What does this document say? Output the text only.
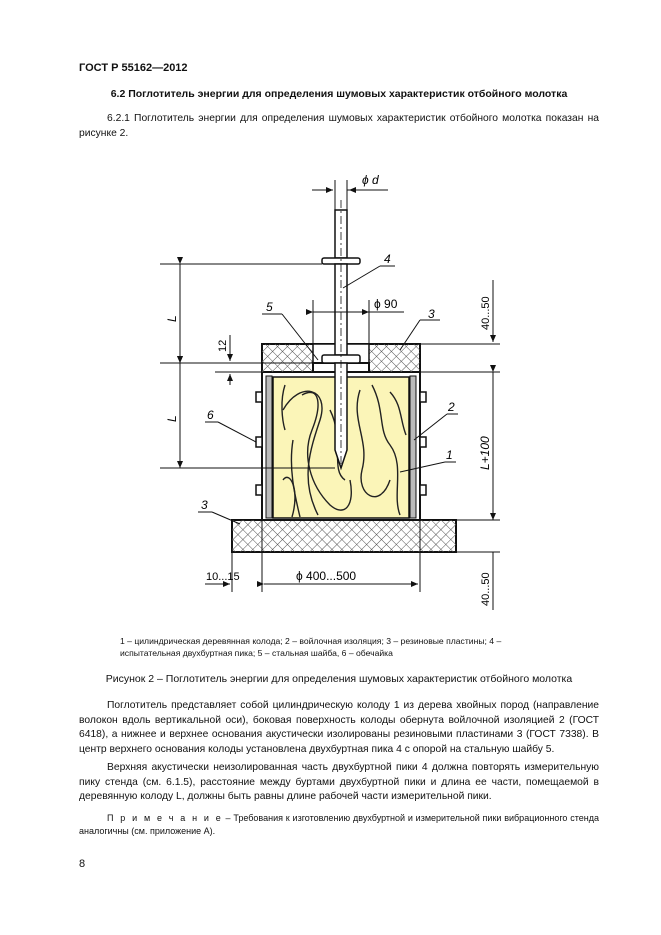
ГОСТ Р 55162—2012
6.2 Поглотитель энергии для определения шумовых характеристик отбойного молотка
6.2.1 Поглотитель энергии для определения шумовых характеристик отбойного молотка показан на рисунке 2.
ϕ d
ϕ 90
4
5	3
2
1
6
3
L
L
12
40...50
L+100
40...50
10...15	ϕ 400...500
1 – цилиндрическая деревянная колода; 2 – войлочная изоляция; 3 – резиновые пластины; 4 – испытательная двухбуртная пика; 5 – стальная шайба, 6 – обечайка
Рисунок 2 – Поглотитель энергии для определения шумовых характеристик отбойного молотка
Поглотитель представляет собой цилиндрическую колоду 1 из дерева хвойных пород (направление волокон вдоль вертикальной оси), боковая поверхность колоды обернута войлочной изоляцией 2 (ГОСТ 6418), а нижнее и верхнее основания акустически изолированы резиновыми пластинами 3 (ГОСТ 7338). В центр верхнего основания колоды установлена двухбуртная пика 4 с опорой на стальную шайбу 5.
Верхняя акустически неизолированная часть двухбуртной пики 4 должна повторять измерительную пику стенда (см. 6.1.5), расстояние между буртами двухбуртной пики и длина ее части, помещаемой в деревянную колоду L, должны быть равны длине рабочей части измерительной пики.
П р и м е ч а н и е – Требования к изготовлению двухбуртной и измерительной пики вибрационного стенда аналогичны (см. приложение А).
8
